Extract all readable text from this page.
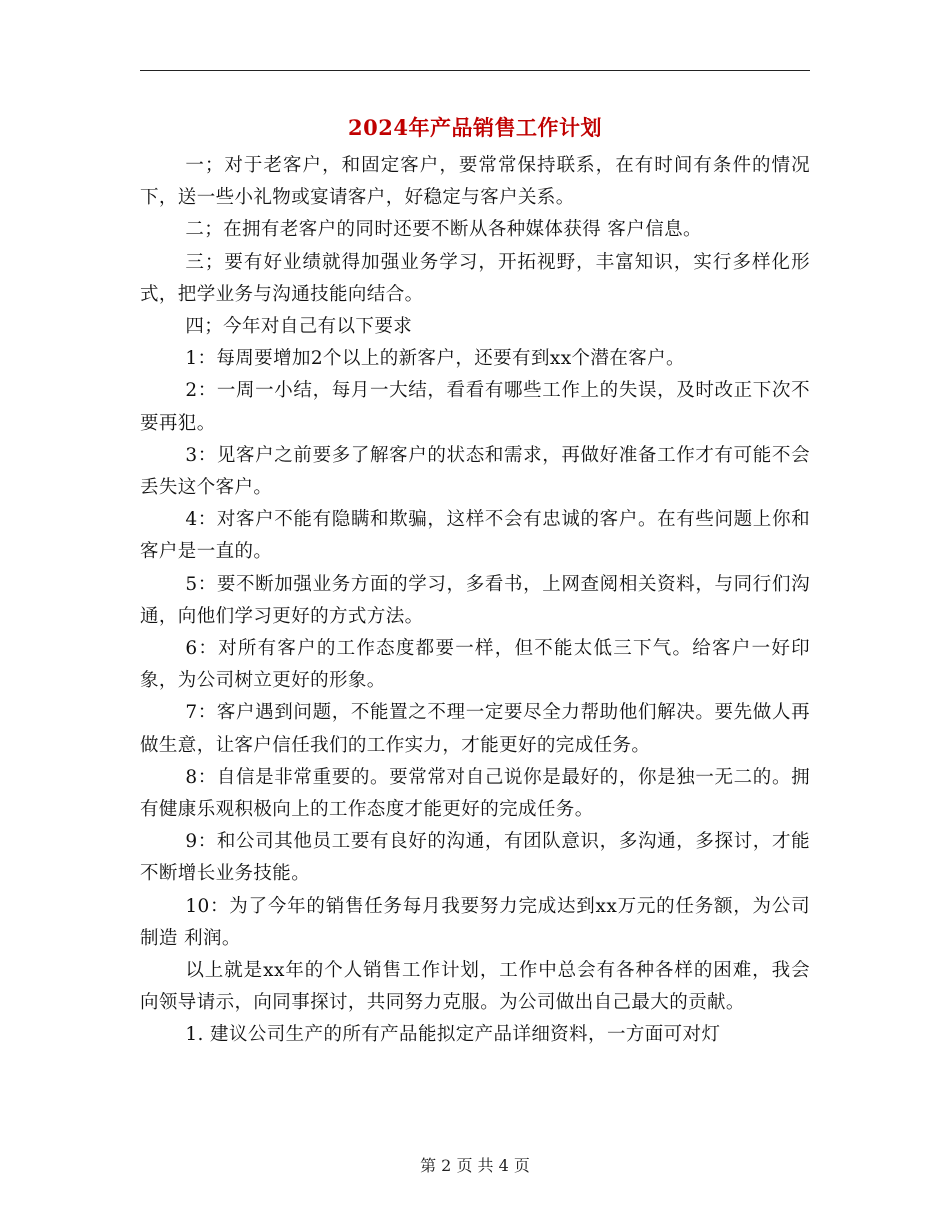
2024年产品销售工作计划

一；对于老客户，和固定客户，要常常保持联系，在有时间有条件的情况下，送一些小礼物或宴请客户，好稳定与客户关系。

二；在拥有老客户的同时还要不断从各种媒体获得 客户信息。

三；要有好业绩就得加强业务学习，开拓视野，丰富知识，实行多样化形式，把学业务与沟通技能向结合。

四；今年对自己有以下要求

1：每周要增加2个以上的新客户，还要有到xx个潜在客户。

2：一周一小结，每月一大结，看看有哪些工作上的失误，及时改正下次不要再犯。

3：见客户之前要多了解客户的状态和需求，再做好准备工作才有可能不会丢失这个客户。

4：对客户不能有隐瞒和欺骗，这样不会有忠诚的客户。在有些问题上你和客户是一直的。

5：要不断加强业务方面的学习，多看书，上网查阅相关资料，与同行们沟通，向他们学习更好的方式方法。

6：对所有客户的工作态度都要一样，但不能太低三下气。给客户一好印象，为公司树立更好的形象。

7：客户遇到问题，不能置之不理一定要尽全力帮助他们解决。要先做人再做生意，让客户信任我们的工作实力，才能更好的完成任务。

8：自信是非常重要的。要常常对自己说你是最好的，你是独一无二的。拥有健康乐观积极向上的工作态度才能更好的完成任务。

9：和公司其他员工要有良好的沟通，有团队意识，多沟通，多探讨，才能不断增长业务技能。

10：为了今年的销售任务每月我要努力完成达到xx万元的任务额，为公司制造 利润。

以上就是xx年的个人销售工作计划，工作中总会有各种各样的困难，我会向领导请示，向同事探讨，共同努力克服。为公司做出自己最大的贡献。

1. 建议公司生产的所有产品能拟定产品详细资料，一方面可对灯

第 2 页 共 4 页
